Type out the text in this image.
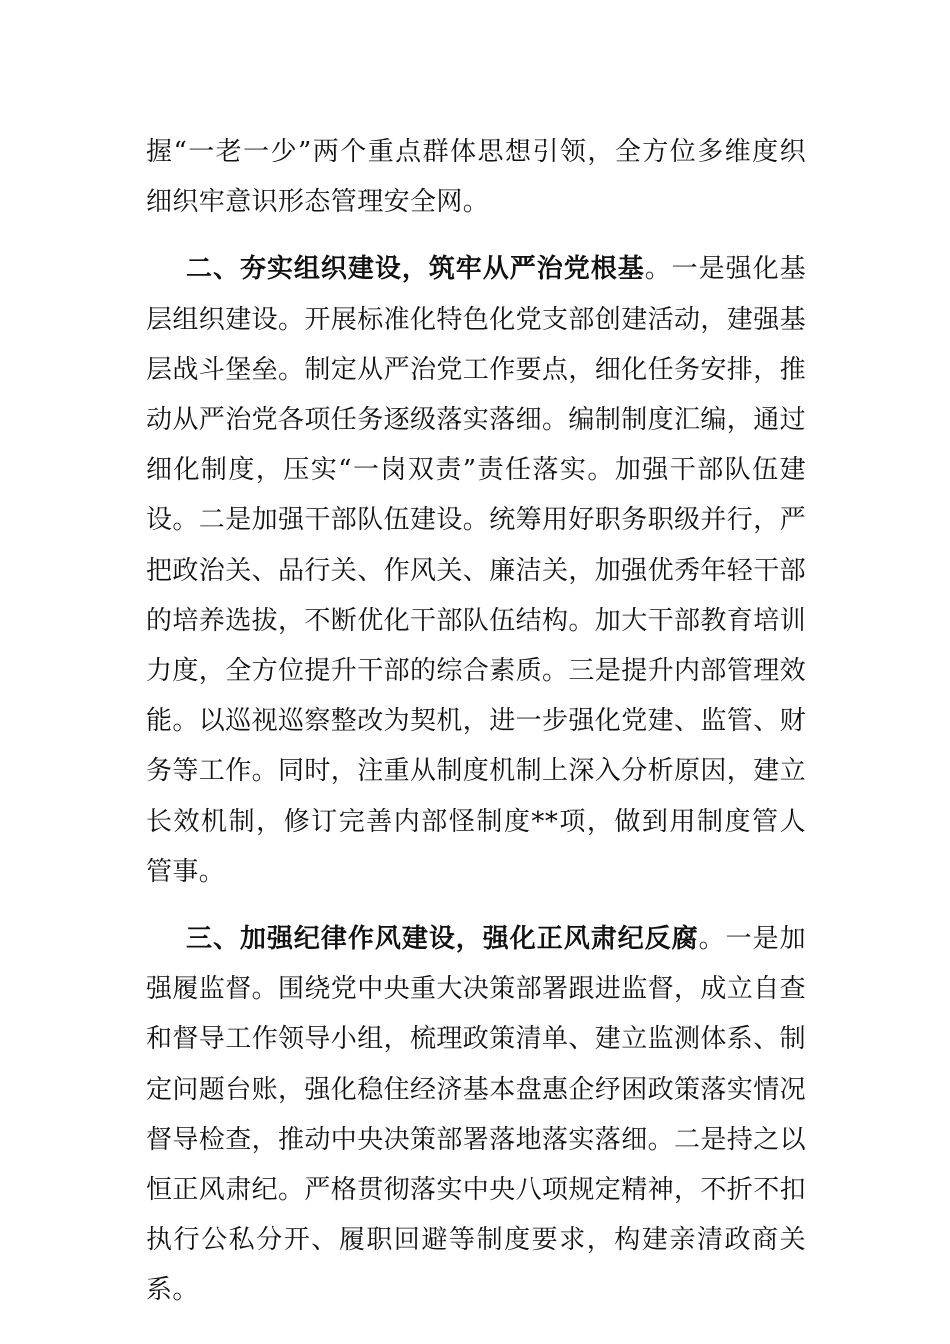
握“一老一少”两个重点群体思想引领，全方位多维度织细织牢意识形态管理安全网。

二、夯实组织建设，筑牢从严治党根基。一是强化基层组织建设。开展标准化特色化党支部创建活动，建强基层战斗堡垒。制定从严治党工作要点，细化任务安排，推动从严治党各项任务逐级落实落细。编制制度汇编，通过细化制度，压实“一岗双责”责任落实。加强干部队伍建设。二是加强干部队伍建设。统筹用好职务职级并行，严把政治关、品行关、作风关、廉洁关，加强优秀年轻干部的培养选拔，不断优化干部队伍结构。加大干部教育培训力度，全方位提升干部的综合素质。三是提升内部管理效能。以巡视巡察整改为契机，进一步强化党建、监管、财务等工作。同时，注重从制度机制上深入分析原因，建立长效机制，修订完善内部怪制度**项，做到用制度管人管事。

三、加强纪律作风建设，强化正风肃纪反腐。一是加强履监督。围绕党中央重大决策部署跟进监督，成立自查和督导工作领导小组，梳理政策清单、建立监测体系、制定问题台账，强化稳住经济基本盘惠企纾困政策落实情况督导检查，推动中央决策部署落地落实落细。二是持之以恒正风肃纪。严格贯彻落实中央八项规定精神，不折不扣执行公私分开、履职回避等制度要求，构建亲清政商关系。
